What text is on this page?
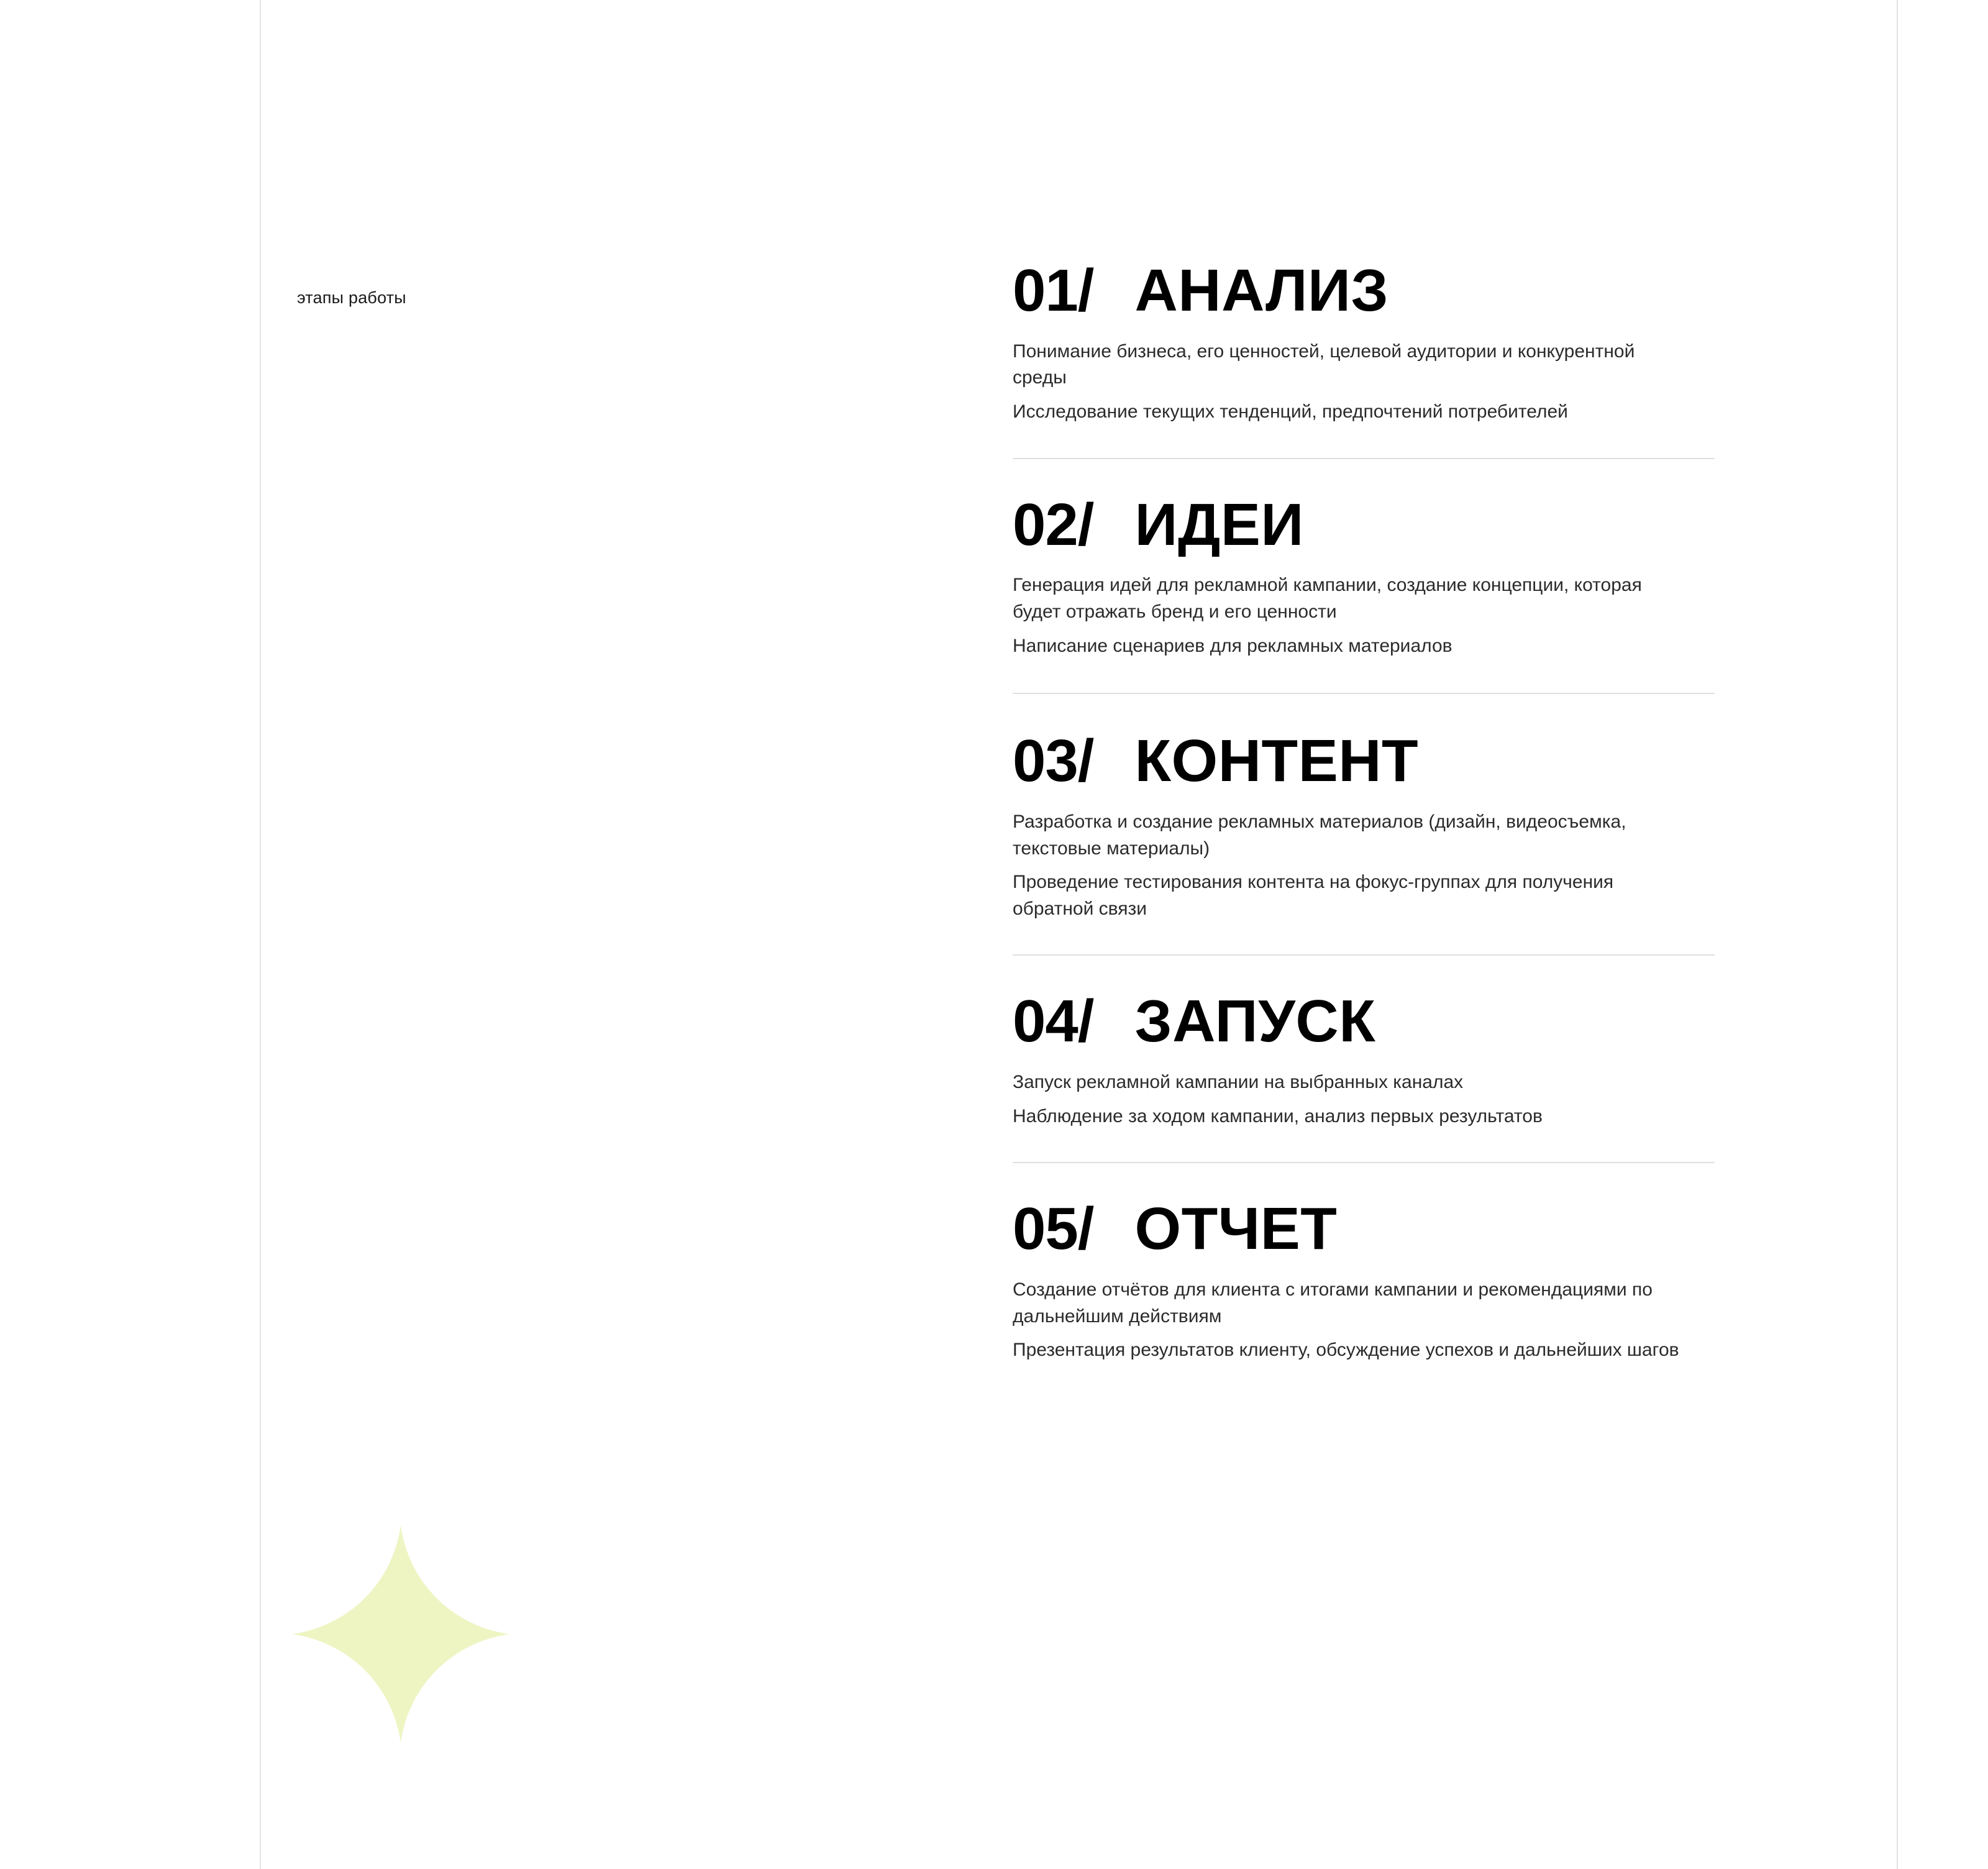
этапы работы	01/ АНАЛИЗ
Понимание бизнеса, его ценностей, целевой аудитории и конкурентной среды
Исследование текущих тенденций, предпочтений потребителей
02/ ИДЕИ
Генерация идей для рекламной кампании, создание концепции, которая будет отражать бренд и его ценности
Написание сценариев для рекламных материалов
03/ КОНТЕНТ
Разработка и создание рекламных материалов (дизайн, видеосъемка, текстовые материалы)
Проведение тестирования контента на фокус-группах для получения обратной связи
04/ ЗАПУСК
Запуск рекламной кампании на выбранных каналах
Наблюдение за ходом кампании, анализ первых результатов
05/ ОТЧЕТ
Создание отчётов для клиента с итогами кампании и рекомендациями по дальнейшим действиям
Презентация результатов клиенту, обсуждение успехов и дальнейших шагов
